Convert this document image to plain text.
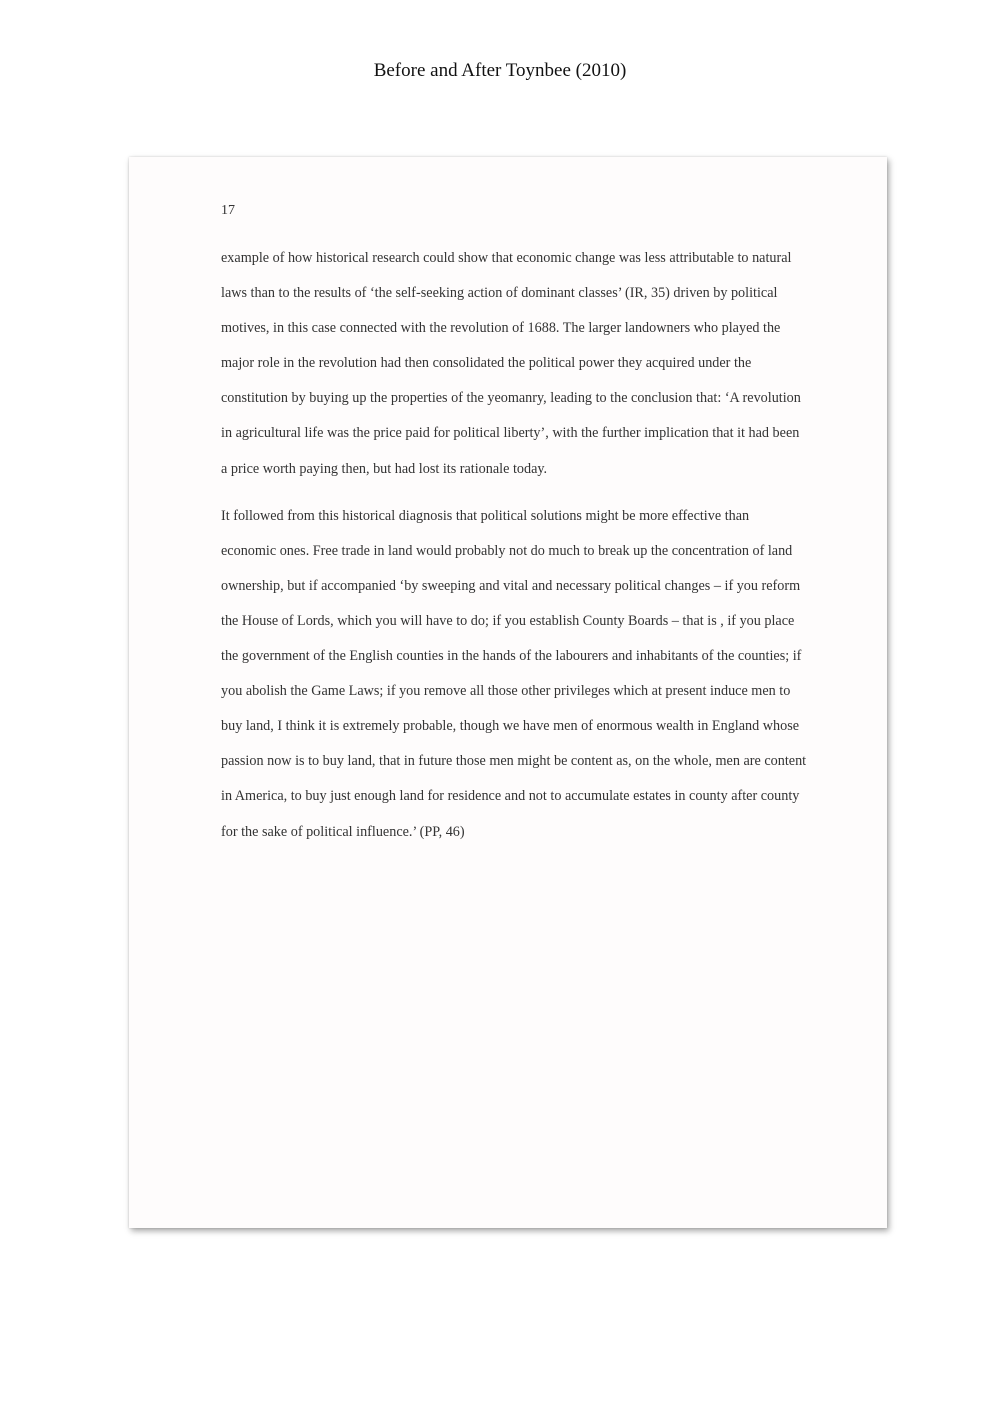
Before and After Toynbee (2010)
17

example of how historical research could show that economic change was less attributable to natural laws than to the results of ‘the self-seeking action of dominant classes’ (IR, 35) driven by political motives, in this case connected with the revolution of 1688. The larger landowners who played the major role in the revolution had then consolidated the political power they acquired under the constitution by buying up the properties of the yeomanry, leading to the conclusion that: ‘A revolution in agricultural life was the price paid for political liberty’, with the further implication that it had been a price worth paying then, but had lost its rationale today.

It followed from this historical diagnosis that political solutions might be more effective than economic ones. Free trade in land would probably not do much to break up the concentration of land ownership, but if accompanied ‘by sweeping and vital and necessary political changes – if you reform the House of Lords, which you will have to do; if you establish County Boards – that is , if you place the government of the English counties in the hands of the labourers and inhabitants of the counties; if you abolish the Game Laws; if you remove all those other privileges which at present induce men to buy land, I think it is extremely probable, though we have men of enormous wealth in England whose passion now is to buy land, that in future those men might be content as, on the whole, men are content in America, to buy just enough land for residence and not to accumulate estates in county after county for the sake of political influence.’ (PP, 46)
